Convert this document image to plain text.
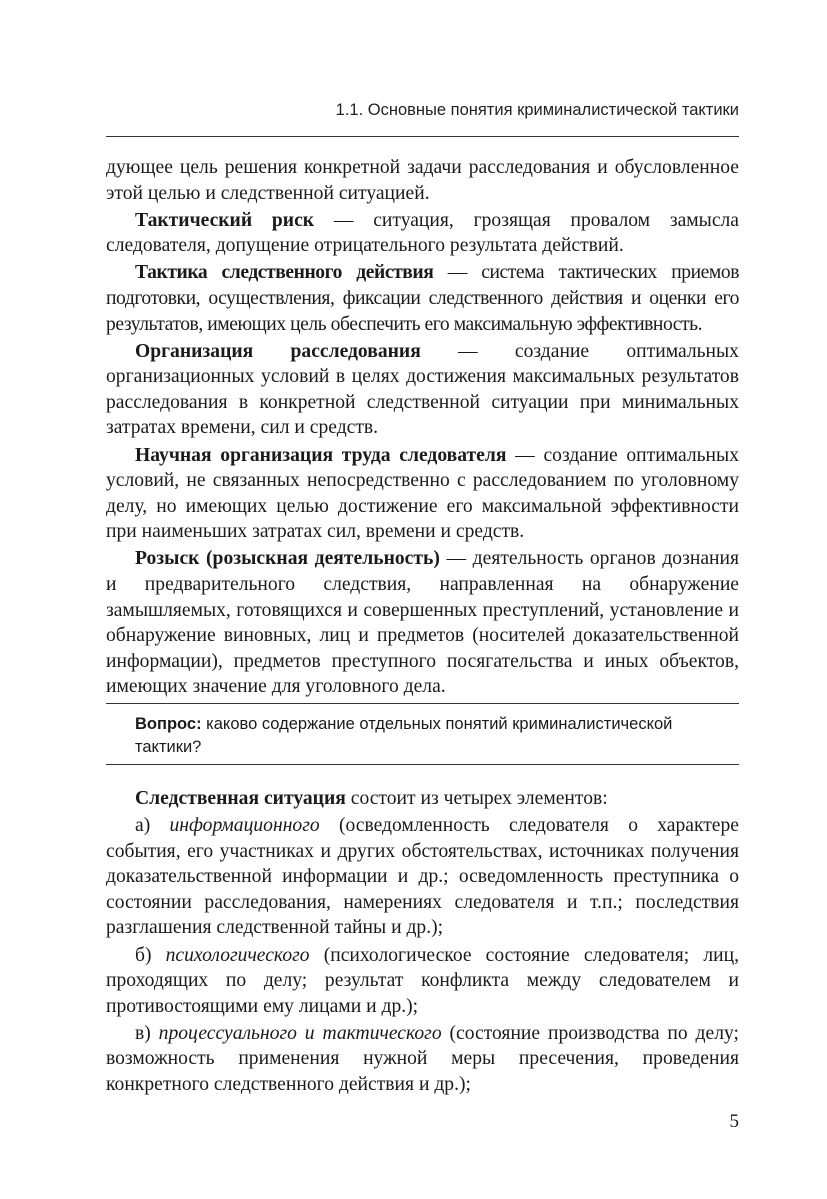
1.1. Основные понятия криминалистической тактики

дующее цель решения конкретной задачи расследования и обусловленное этой целью и следственной ситуацией.

Тактический риск — ситуация, грозящая провалом замысла следователя, допущение отрицательного результата действий.

Тактика следственного действия — система тактических приемов подготовки, осуществления, фиксации следственного действия и оценки его результатов, имеющих цель обеспечить его максимальную эффективность.

Организация расследования — создание оптимальных организационных условий в целях достижения максимальных результатов расследования в конкретной следственной ситуации при минимальных затратах времени, сил и средств.

Научная организация труда следователя — создание оптимальных условий, не связанных непосредственно с расследованием по уголовному делу, но имеющих целью достижение его максимальной эффективности при наименьших затратах сил, времени и средств.

Розыск (розыскная деятельность) — деятельность органов дознания и предварительного следствия, направленная на обнаружение замышляемых, готовящихся и совершенных преступлений, установление и обнаружение виновных, лиц и предметов (носителей доказательственной информации), предметов преступного посягательства и иных объектов, имеющих значение для уголовного дела.

Вопрос: каково содержание отдельных понятий криминалистической тактики?

Следственная ситуация состоит из четырех элементов:

а) информационного (осведомленность следователя о характере события, его участниках и других обстоятельствах, источниках получения доказательственной информации и др.; осведомленность преступника о состоянии расследования, намерениях следователя и т.п.; последствия разглашения следственной тайны и др.);

б) психологического (психологическое состояние следователя; лиц, проходящих по делу; результат конфликта между следователем и противостоящими ему лицами и др.);

в) процессуального и тактического (состояние производства по делу; возможность применения нужной меры пресечения, проведения конкретного следственного действия и др.);

5
